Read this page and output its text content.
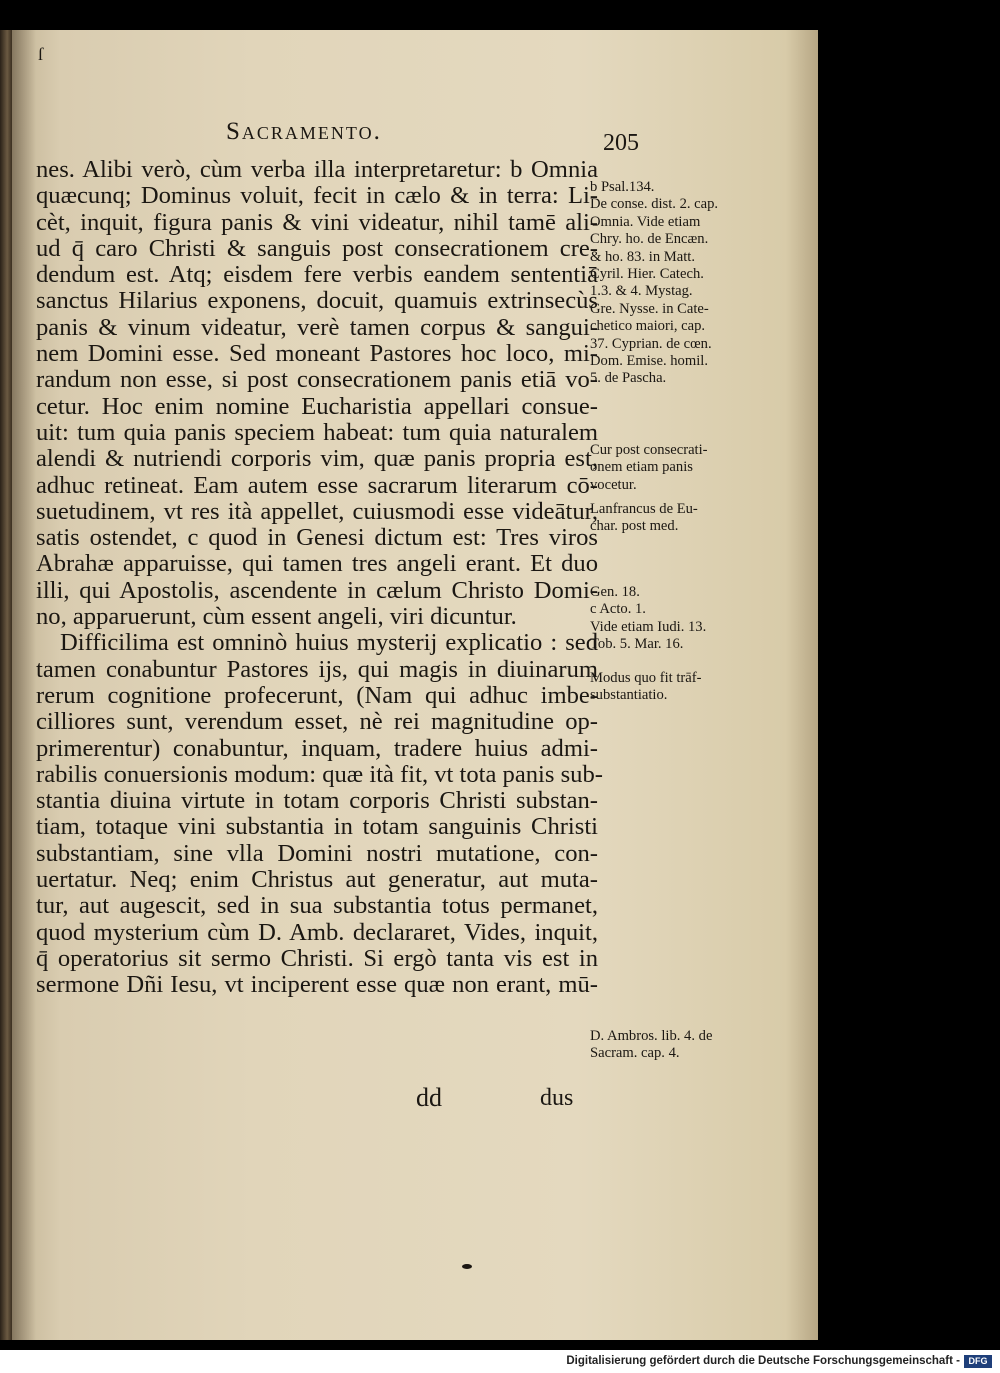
ſ
Sacramento.	205
nes. Alibi verò, cùm verba illa interpretaretur: b Omnia
quæcunq; Dominus voluit, fecit in cælo & in terra: Li-
cèt, inquit, figura panis & vini videatur, nihil tamē ali-
ud q̄ caro Christi & sanguis post consecrationem cre-
dendum est. Atq; eisdem fere verbis eandem sententiā
sanctus Hilarius exponens, docuit, quamuis extrinsecùs
panis & vinum videatur, verè tamen corpus & sangui-
nem Domini esse. Sed moneant Pastores hoc loco, mi-
randum non esse, si post consecrationem panis etiā vo-
cetur. Hoc enim nomine Eucharistia appellari consue-
uit: tum quia panis speciem habeat: tum quia naturalem
alendi & nutriendi corporis vim, quæ panis propria est,
adhuc retineat. Eam autem esse sacrarum literarum cō-
suetudinem, vt res ità appellet, cuiusmodi esse videātur,
satis ostendet, c quod in Genesi dictum est: Tres viros
Abrahæ apparuisse, qui tamen tres angeli erant. Et duo
illi, qui Apostolis, ascendente in cælum Christo Domi-
no, apparuerunt, cùm essent angeli, viri dicuntur.
Difficilima est omninò huius mysterij explicatio : sed
tamen conabuntur Pastores ijs, qui magis in diuinarum
rerum cognitione profecerunt, (Nam qui adhuc imbe-
cilliores sunt, verendum esset, nè rei magnitudine op-
primerentur) conabuntur, inquam, tradere huius admi-
rabilis conuersionis modum: quæ ità fit, vt tota panis sub-
stantia diuina virtute in totam corporis Christi substan-
tiam, totaque vini substantia in totam sanguinis Christi
substantiam, sine vlla Domini nostri mutatione, con-
uertatur. Neq; enim Christus aut generatur, aut muta-
tur, aut augescit, sed in sua substantia totus permanet,
quod mysterium cùm D. Amb. declararet, Vides, inquit,
q̄ operatorius sit sermo Christi. Si ergò tanta vis est in
sermone Dñi Iesu, vt inciperent esse quæ non erant, mū-
b Psal.134.
De conse. dist. 2. cap.
Omnia. Vide etiam
Chry. ho. de Encæn.
& ho. 83. in Matt.
Cyril. Hier. Catech.
1.3. & 4. Mystag.
Gre. Nysse. in Cate-
chetico maiori, cap.
37. Cyprian. de cœn.
Dom. Emise. homil.
5. de Pascha.
Cur post consecrati-
onem etiam panis
vocetur.
Lanfrancus de Eu-
char. post med.
Gen. 18.
c Acto. 1.
Vide etiam Iudi. 13.
Tob. 5. Mar. 16.
Modus quo fit trāf-
substantiatio.
D. Ambros. lib. 4. de
Sacram. cap. 4.
dd	dus
Digitalisierung gefördert durch die Deutsche Forschungsgemeinschaft - DFG
